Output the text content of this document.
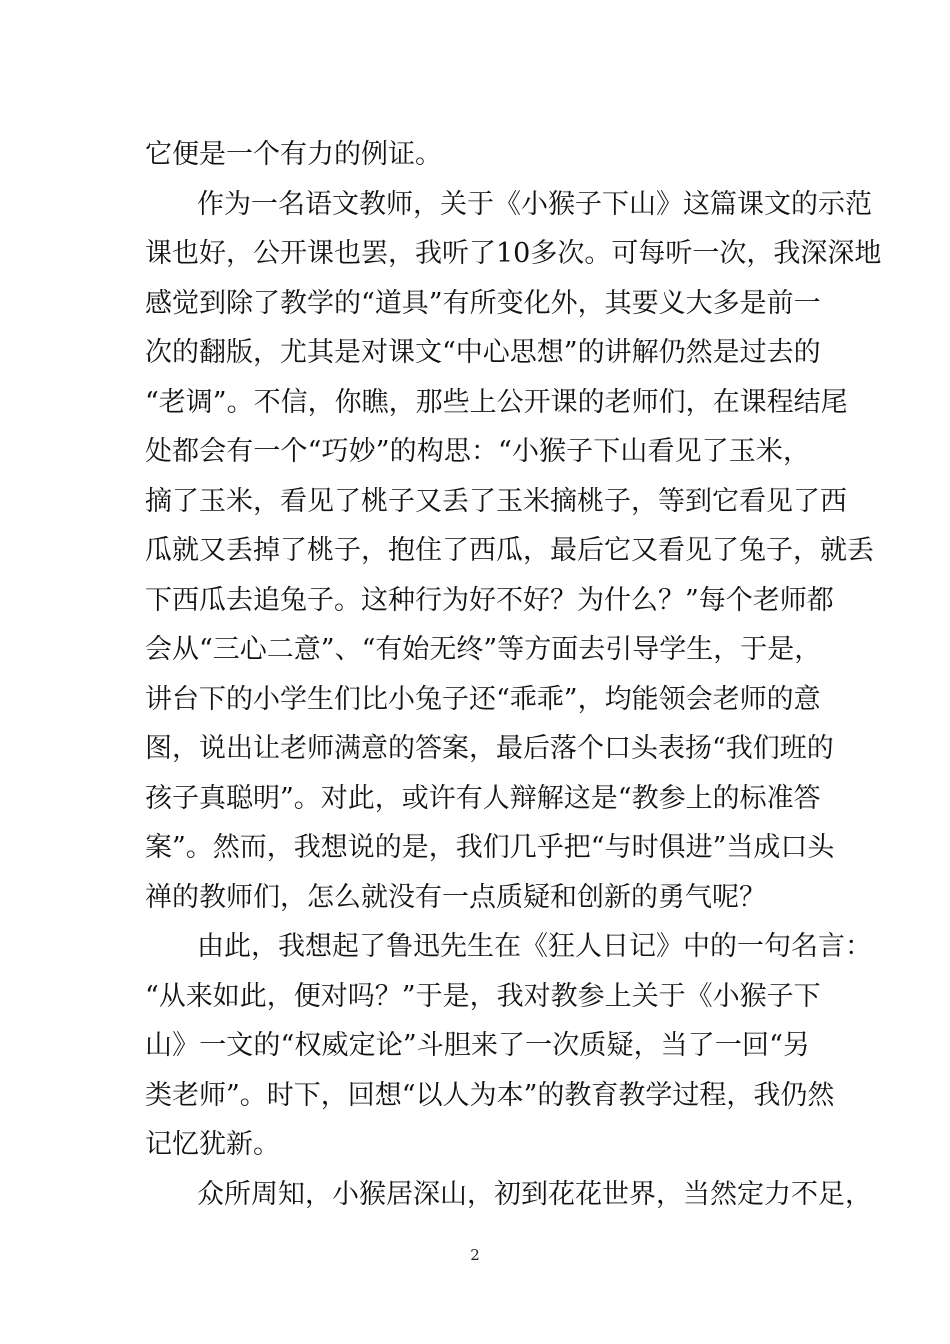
它便是一个有力的例证。
作为一名语文教师，关于《小猴子下山》这篇课文的示范
课也好，公开课也罢，我听了10多次。可每听一次，我深深地
感觉到除了教学的“道具”有所变化外，其要义大多是前一
次的翻版，尤其是对课文“中心思想”的讲解仍然是过去的
“老调”。不信，你瞧，那些上公开课的老师们，在课程结尾
处都会有一个“巧妙”的构思：“小猴子下山看见了玉米，
摘了玉米，看见了桃子又丢了玉米摘桃子，等到它看见了西
瓜就又丢掉了桃子，抱住了西瓜，最后它又看见了兔子，就丢
下西瓜去追兔子。这种行为好不好？为什么？”每个老师都
会从“三心二意”、“有始无终”等方面去引导学生，于是，
讲台下的小学生们比小兔子还“乖乖”，均能领会老师的意
图，说出让老师满意的答案，最后落个口头表扬“我们班的
孩子真聪明”。对此，或许有人辩解这是“教参上的标准答
案”。然而，我想说的是，我们几乎把“与时俱进”当成口头
禅的教师们，怎么就没有一点质疑和创新的勇气呢？
由此，我想起了鲁迅先生在《狂人日记》中的一句名言：
“从来如此，便对吗？”于是，我对教参上关于《小猴子下
山》一文的“权威定论”斗胆来了一次质疑，当了一回“另
类老师”。时下，回想“以人为本”的教育教学过程，我仍然
记忆犹新。
众所周知，小猴居深山，初到花花世界，当然定力不足，
2
